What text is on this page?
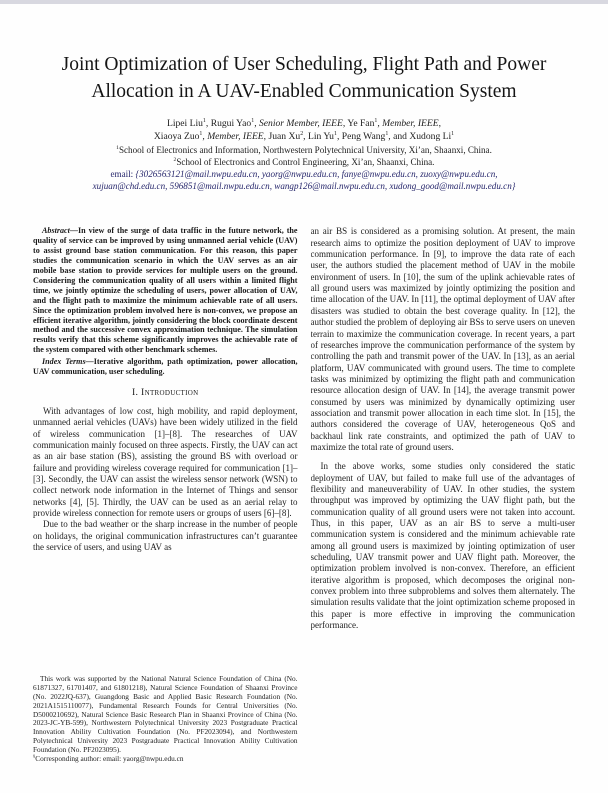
Joint Optimization of User Scheduling, Flight Path and Power Allocation in A UAV-Enabled Communication System
Lipei Liu$^1$, Rugui Yao$^1$, Senior Member, IEEE, Ye Fan$^1$, Member, IEEE,
Xiaoya Zuo$^1$, Member, IEEE, Juan Xu$^2$, Lin Yu$^1$, Peng Wang$^1$, and Xudong Li$^1$
$^1$School of Electronics and Information, Northwestern Polytechnical University, Xi’an, Shaanxi, China.
$^2$School of Electronics and Control Engineering, Xi’an, Shaanxi, China.
email: {3026563121@mail.nwpu.edu.cn, yaorg@nwpu.edu.cn, fanye@nwpu.edu.cn, zuoxy@nwpu.edu.cn,
xujuan@chd.edu.cn, 596851@mail.nwpu.edu.cn, wangp126@mail.nwpu.edu.cn, xudong_good@mail.nwpu.edu.cn}

Abstract—In view of the surge of data traffic in the future network, the quality of service can be improved by using unmanned aerial vehicle (UAV) to assist ground base station communication. For this reason, this paper studies the communication scenario in which the UAV serves as an air mobile base station to provide services for multiple users on the ground. Considering the communication quality of all users within a limited flight time, we jointly optimize the scheduling of users, power allocation of UAV, and the flight path to maximize the minimum achievable rate of all users. Since the optimization problem involved here is non-convex, we propose an efficient iterative algorithm, jointly considering the block coordinate descent method and the successive convex approximation technique. The simulation results verify that this scheme significantly improves the achievable rate of the system compared with other benchmark schemes.

Index Terms—Iterative algorithm, path optimization, power allocation, UAV communication, user scheduling.

I. Introduction

With advantages of low cost, high mobility, and rapid deployment, unmanned aerial vehicles (UAVs) have been widely utilized in the field of wireless communication [1]–[8]. The researches of UAV communication mainly focused on three aspects. Firstly, the UAV can act as an air base station (BS), assisting the ground BS with overload or failure and providing wireless coverage required for communication [1]–[3]. Secondly, the UAV can assist the wireless sensor network (WSN) to collect network node information in the Internet of Things and sensor networks [4], [5]. Thirdly, the UAV can be used as an aerial relay to provide wireless connection for remote users or groups of users [6]–[8].

Due to the bad weather or the sharp increase in the number of people on holidays, the original communication infrastructures can’t guarantee the service of users, and using UAV as

This work was supported by the National Natural Science Foundation of China (No. 61871327, 61701407, and 61801218), Natural Science Foundation of Shaanxi Province (No. 2022JQ-637), Guangdong Basic and Applied Basic Research Foundation (No. 2021A1515110077), Fundamental Research Founds for Central Universities (No. D5000210692), Natural Science Basic Research Plan in Shaanxi Province of China (No. 2023-JC-YB-599), Northwestern Polytechnical University 2023 Postgraduate Practical Innovation Ability Cultivation Foundation (No. PF2023094), and Northwestern Polytechnical University 2023 Postgraduate Practical Innovation Ability Cultivation Foundation (No. PF2023095).

§Corresponding author: email: yaorg@nwpu.edu.cn

an air BS is considered as a promising solution. At present, the main research aims to optimize the position deployment of UAV to improve communication performance. In [9], to improve the data rate of each user, the authors studied the placement method of UAV in the mobile environment of users. In [10], the sum of the uplink achievable rates of all ground users was maximized by jointly optimizing the position and time allocation of the UAV. In [11], the optimal deployment of UAV after disasters was studied to obtain the best coverage quality. In [12], the author studied the problem of deploying air BSs to serve users on uneven terrain to maximize the communication coverage. In recent years, a part of researches improve the communication performance of the system by controlling the path and transmit power of the UAV. In [13], as an aerial platform, UAV communicated with ground users. The time to complete tasks was minimized by optimizing the flight path and communication resource allocation design of UAV. In [14], the average transmit power consumed by users was minimized by dynamically optimizing user association and transmit power allocation in each time slot. In [15], the authors considered the coverage of UAV, heterogeneous QoS and backhaul link rate constraints, and optimized the path of UAV to maximize the total rate of ground users.

In the above works, some studies only considered the static deployment of UAV, but failed to make full use of the advantages of flexibility and maneuverability of UAV. In other studies, the system throughput was improved by optimizing the UAV flight path, but the communication quality of all ground users were not taken into account. Thus, in this paper, UAV as an air BS to serve a multi-user communication system is considered and the minimum achievable rate among all ground users is maximized by jointing optimization of user scheduling, UAV transmit power and UAV flight path. Moreover, the optimization problem involved is non-convex. Therefore, an efficient iterative algorithm is proposed, which decomposes the original non-convex problem into three subproblems and solves them alternately. The simulation results validate that the joint optimization scheme proposed in this paper is more effective in improving the communication performance.
